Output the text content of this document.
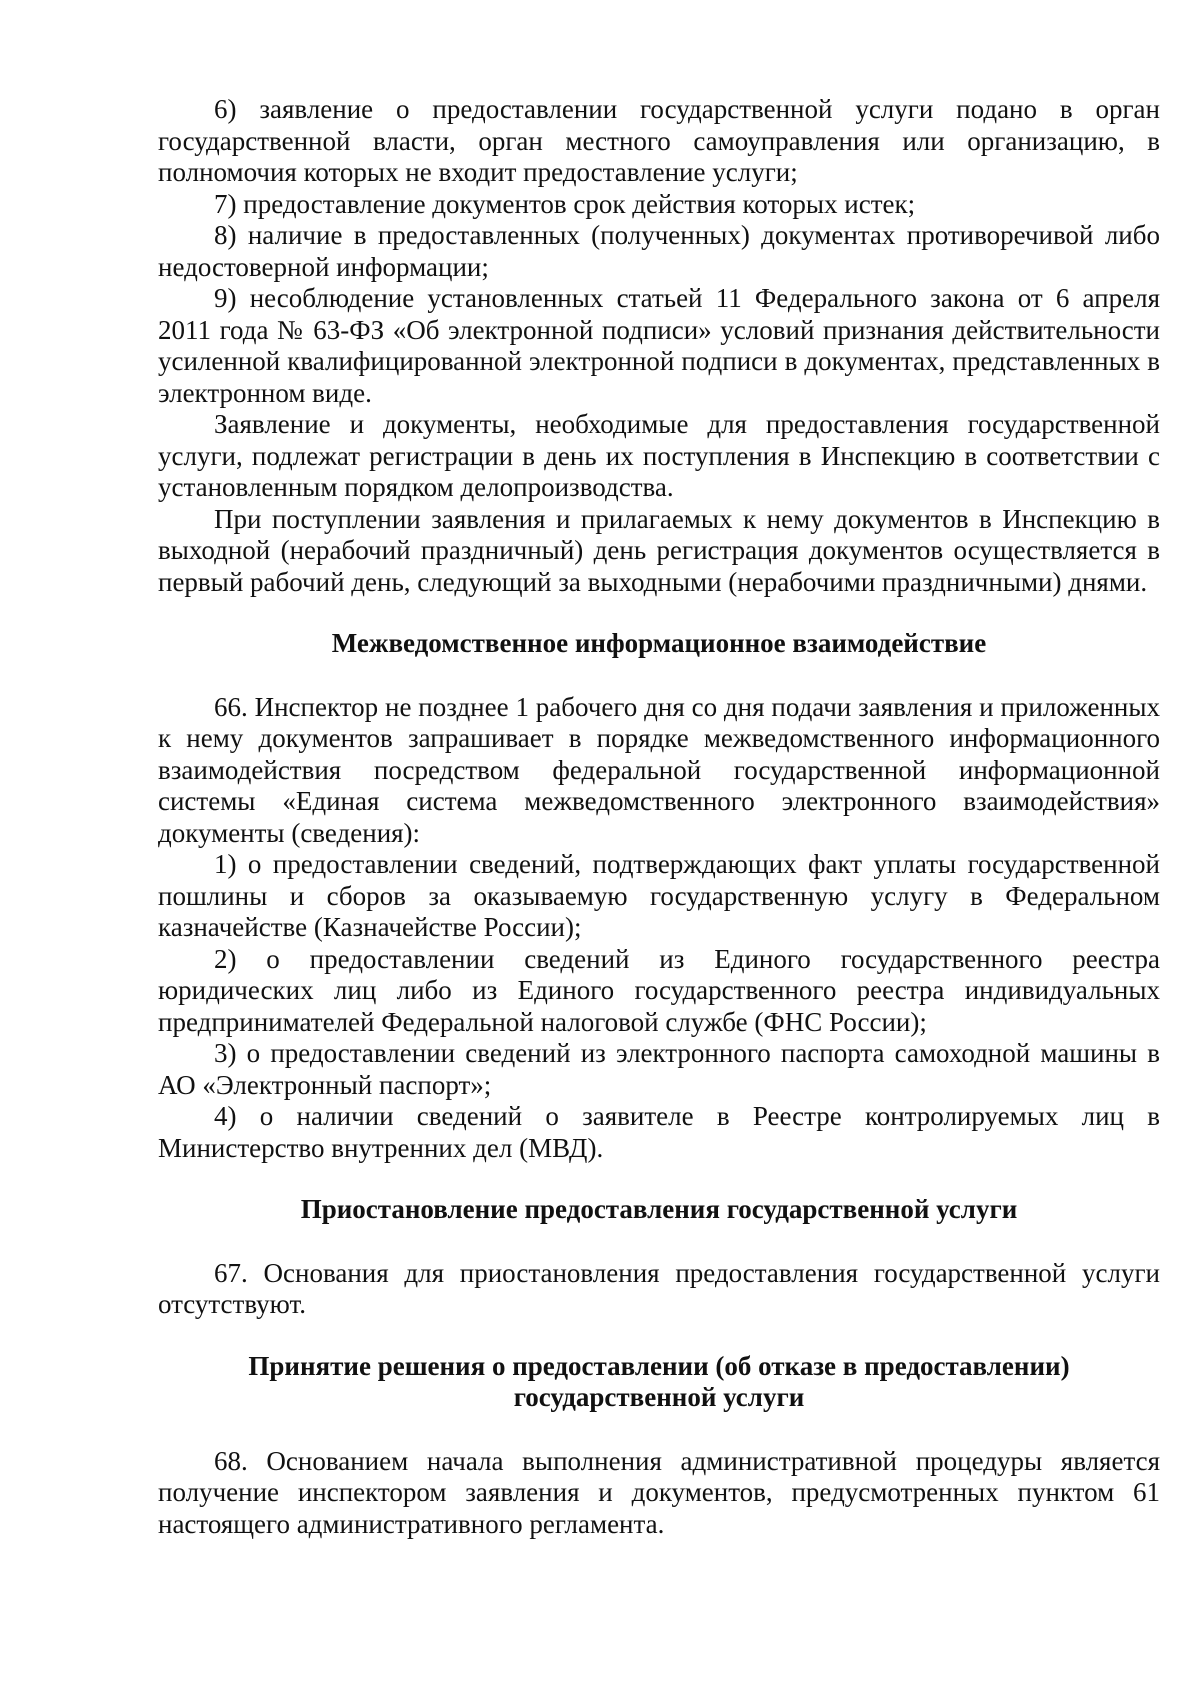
6) заявление о предоставлении государственной услуги подано в орган государственной власти, орган местного самоуправления или организацию, в полномочия которых не входит предоставление услуги;

7) предоставление документов срок действия которых истек;

8) наличие в предоставленных (полученных) документах противоречивой либо недостоверной информации;

9) несоблюдение установленных статьей 11 Федерального закона от 6 апреля 2011 года № 63-ФЗ «Об электронной подписи» условий признания действительности усиленной квалифицированной электронной подписи в документах, представленных в электронном виде.

Заявление и документы, необходимые для предоставления государственной услуги, подлежат регистрации в день их поступления в Инспекцию в соответствии с установленным порядком делопроизводства.

При поступлении заявления и прилагаемых к нему документов в Инспекцию в выходной (нерабочий праздничный) день регистрация документов осуществляется в первый рабочий день, следующий за выходными (нерабочими праздничными) днями.

Межведомственное информационное взаимодействие

66. Инспектор не позднее 1 рабочего дня со дня подачи заявления и приложенных к нему документов запрашивает в порядке межведомственного информационного взаимодействия посредством федеральной государственной информационной системы «Единая система межведомственного электронного взаимодействия» документы (сведения):

1) о предоставлении сведений, подтверждающих факт уплаты государственной пошлины и сборов за оказываемую государственную услугу в Федеральном казначействе (Казначействе России);

2) о предоставлении сведений из Единого государственного реестра юридических лиц либо из Единого государственного реестра индивидуальных предпринимателей Федеральной налоговой службе (ФНС России);

3) о предоставлении сведений из электронного паспорта самоходной машины в АО «Электронный паспорт»;

4) о наличии сведений о заявителе в Реестре контролируемых лиц в Министерство внутренних дел (МВД).

Приостановление предоставления государственной услуги

67. Основания для приостановления предоставления государственной услуги отсутствуют.

Принятие решения о предоставлении (об отказе в предоставлении)
государственной услуги

68. Основанием начала выполнения административной процедуры является получение инспектором заявления и документов, предусмотренных пунктом 61 настоящего административного регламента.
